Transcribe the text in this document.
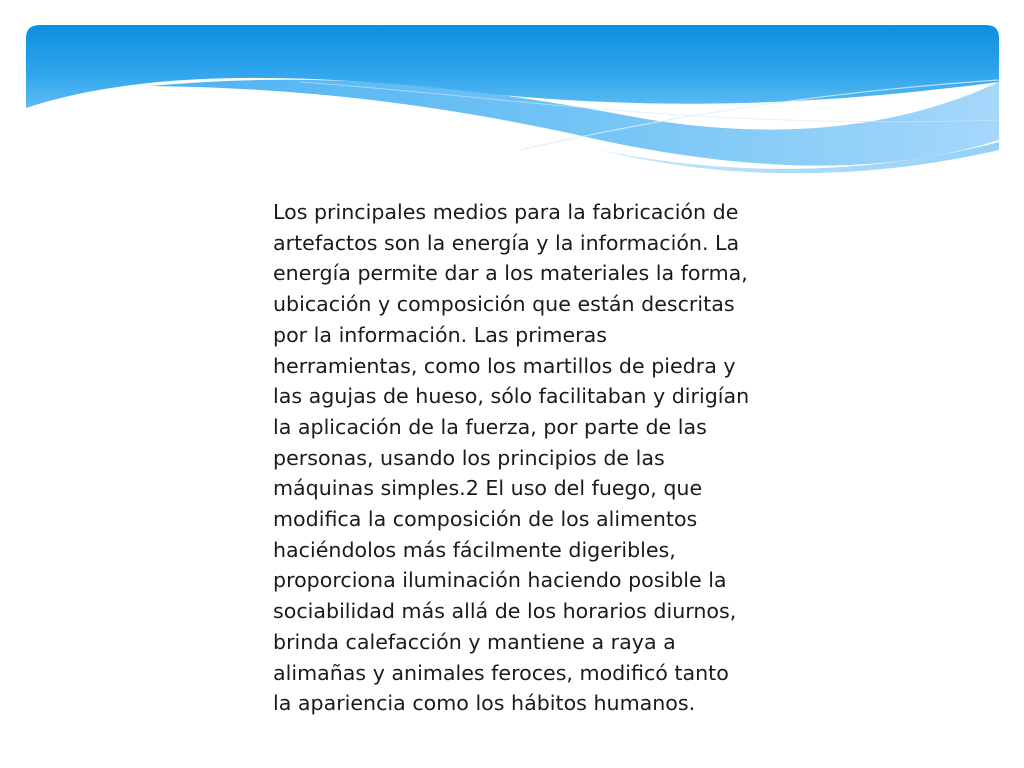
Los principales medios para la fabricación de
artefactos son la energía y la información. La
energía permite dar a los materiales la forma,
ubicación y composición que están descritas
por la información. Las primeras
herramientas, como los martillos de piedra y
las agujas de hueso, sólo facilitaban y dirigían
la aplicación de la fuerza, por parte de las
personas, usando los principios de las
máquinas simples.2 El uso del fuego, que
modifica la composición de los alimentos
haciéndolos más fácilmente digeribles,
proporciona iluminación haciendo posible la
sociabilidad más allá de los horarios diurnos,
brinda calefacción y mantiene a raya a
alimañas y animales feroces, modificó tanto
la apariencia como los hábitos humanos.
